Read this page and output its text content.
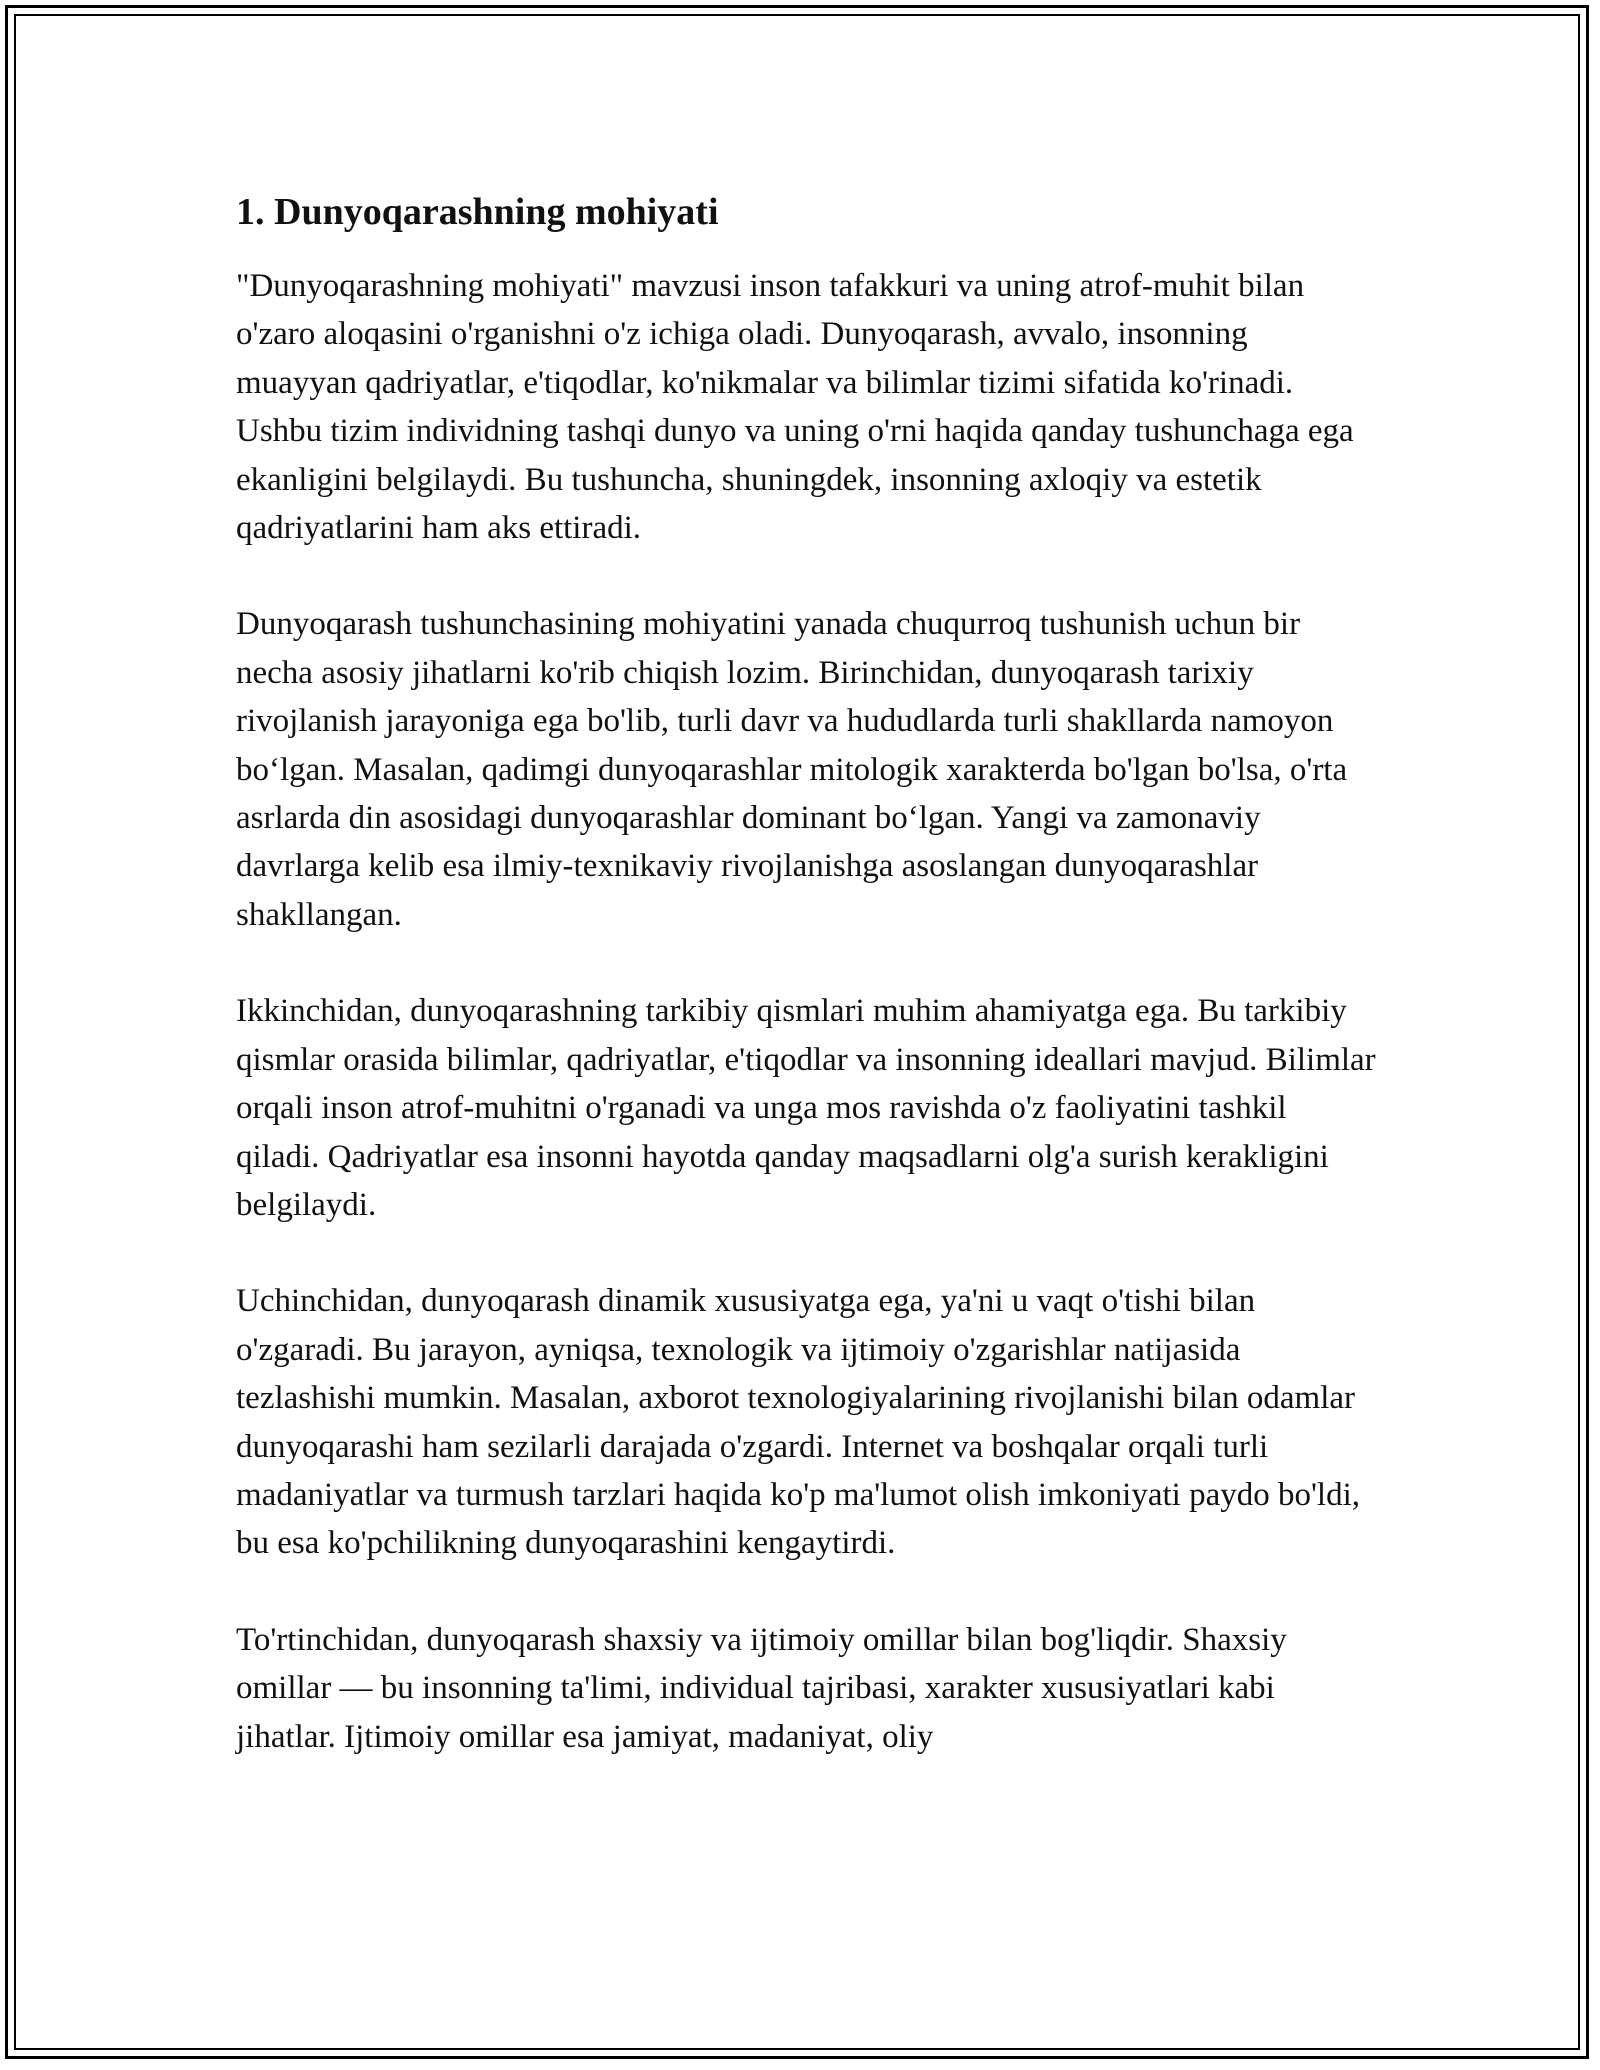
1. Dunyoqarashning mohiyati

"Dunyoqarashning mohiyati" mavzusi inson tafakkuri va uning atrof-muhit bilan o'zaro aloqasini o'rganishni o'z ichiga oladi. Dunyoqarash, avvalo, insonning muayyan qadriyatlar, e'tiqodlar, ko'nikmalar va bilimlar tizimi sifatida ko'rinadi. Ushbu tizim individning tashqi dunyo va uning o'rni haqida qanday tushunchaga ega ekanligini belgilaydi. Bu tushuncha, shuningdek, insonning axloqiy va estetik qadriyatlarini ham aks ettiradi.

Dunyoqarash tushunchasining mohiyatini yanada chuqurroq tushunish uchun bir necha asosiy jihatlarni ko'rib chiqish lozim. Birinchidan, dunyoqarash tarixiy rivojlanish jarayoniga ega bo'lib, turli davr va hududlarda turli shakllarda namoyon bo‘lgan. Masalan, qadimgi dunyoqarashlar mitologik xarakterda bo'lgan bo'lsa, o'rta asrlarda din asosidagi dunyoqarashlar dominant bo‘lgan. Yangi va zamonaviy davrlarga kelib esa ilmiy-texnikaviy rivojlanishga asoslangan dunyoqarashlar shakllangan.

Ikkinchidan, dunyoqarashning tarkibiy qismlari muhim ahamiyatga ega. Bu tarkibiy qismlar orasida bilimlar, qadriyatlar, e'tiqodlar va insonning ideallari mavjud. Bilimlar orqali inson atrof-muhitni o'rganadi va unga mos ravishda o'z faoliyatini tashkil qiladi. Qadriyatlar esa insonni hayotda qanday maqsadlarni olg'a surish kerakligini belgilaydi.

Uchinchidan, dunyoqarash dinamik xususiyatga ega, ya'ni u vaqt o'tishi bilan o'zgaradi. Bu jarayon, ayniqsa, texnologik va ijtimoiy o'zgarishlar natijasida tezlashishi mumkin. Masalan, axborot texnologiyalarining rivojlanishi bilan odamlar dunyoqarashi ham sezilarli darajada o'zgardi. Internet va boshqalar orqali turli madaniyatlar va turmush tarzlari haqida ko'p ma'lumot olish imkoniyati paydo bo'ldi, bu esa ko'pchilikning dunyoqarashini kengaytirdi.

To'rtinchidan, dunyoqarash shaxsiy va ijtimoiy omillar bilan bog'liqdir. Shaxsiy omillar — bu insonning ta'limi, individual tajribasi, xarakter xususiyatlari kabi jihatlar. Ijtimoiy omillar esa jamiyat, madaniyat, oliy
